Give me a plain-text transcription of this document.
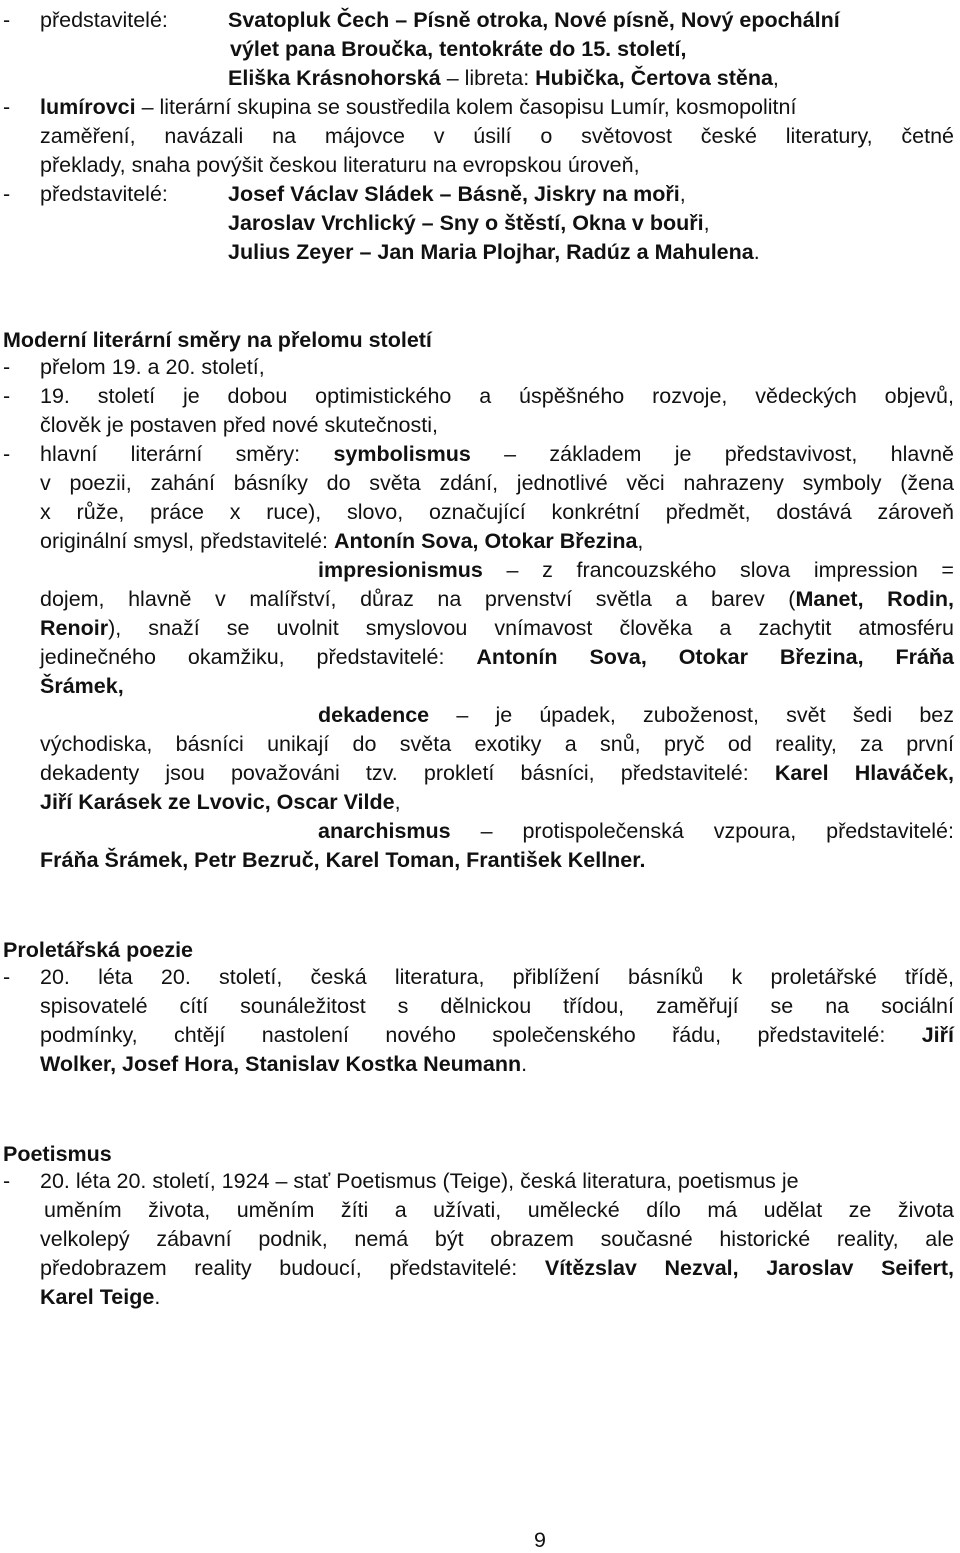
- představitelé:	Svatopluk Čech – Písně otroka, Nové písně, Nový epochální
výlet pana Broučka, tentokráte do 15. století,
Eliška Krásnohorská – libreta: Hubička, Čertova stěna,
- lumírovci – literární skupina se soustředila kolem časopisu Lumír, kosmopolitní
zaměření, navázali na májovce v úsilí o světovost české literatury, četné
překlady, snaha povýšit českou literaturu na evropskou úroveň,
- představitelé:	Josef Václav Sládek – Básně, Jiskry na moři,
Jaroslav Vrchlický – Sny o štěstí, Okna v bouři,
Julius Zeyer – Jan Maria Plojhar, Radúz a Mahulena.
Moderní literární směry na přelomu století
- přelom 19. a 20. století,
- 19. století je dobou optimistického a úspěšného rozvoje, vědeckých objevů,
člověk je postaven před nové skutečnosti,
- hlavní literární směry: symbolismus – základem je představivost, hlavně
v poezii, zahání básníky do světa zdání, jednotlivé věci nahrazeny symboly (žena
x růže, práce x ruce), slovo, označující konkrétní předmět, dostává zároveň
originální smysl, představitelé: Antonín Sova, Otokar Březina,
impresionismus – z francouzského slova impression =
dojem, hlavně v malířství, důraz na prvenství světla a barev (Manet, Rodin,
Renoir), snaží se uvolnit smyslovou vnímavost člověka a zachytit atmosféru
jedinečného okamžiku, představitelé: Antonín Sova, Otokar Březina, Fráňa
Šrámek,
dekadence – je úpadek, zuboženost, svět šedi bez
východiska, básníci unikají do světa exotiky a snů, pryč od reality, za první
dekadenty jsou považováni tzv. prokletí básníci, představitelé: Karel Hlaváček,
Jiří Karásek ze Lvovic, Oscar Vilde,
anarchismus – protispolečenská vzpoura, představitelé:
Fráňa Šrámek, Petr Bezruč, Karel Toman, František Kellner.
Proletářská poezie
- 20. léta 20. století, česká literatura, přiblížení básníků k proletářské třídě,
spisovatelé cítí sounáležitost s dělnickou třídou, zaměřují se na sociální
podmínky, chtějí nastolení nového společenského řádu, představitelé: Jiří
Wolker, Josef Hora, Stanislav Kostka Neumann.
Poetismus
- 20. léta 20. století, 1924 – stať Poetismus (Teige), česká literatura, poetismus je
uměním života, uměním žíti a užívati, umělecké dílo má udělat ze života
velkolepý zábavní podnik, nemá být obrazem současné historické reality, ale
předobrazem reality budoucí, představitelé: Vítězslav Nezval, Jaroslav Seifert,
Karel Teige.
9
